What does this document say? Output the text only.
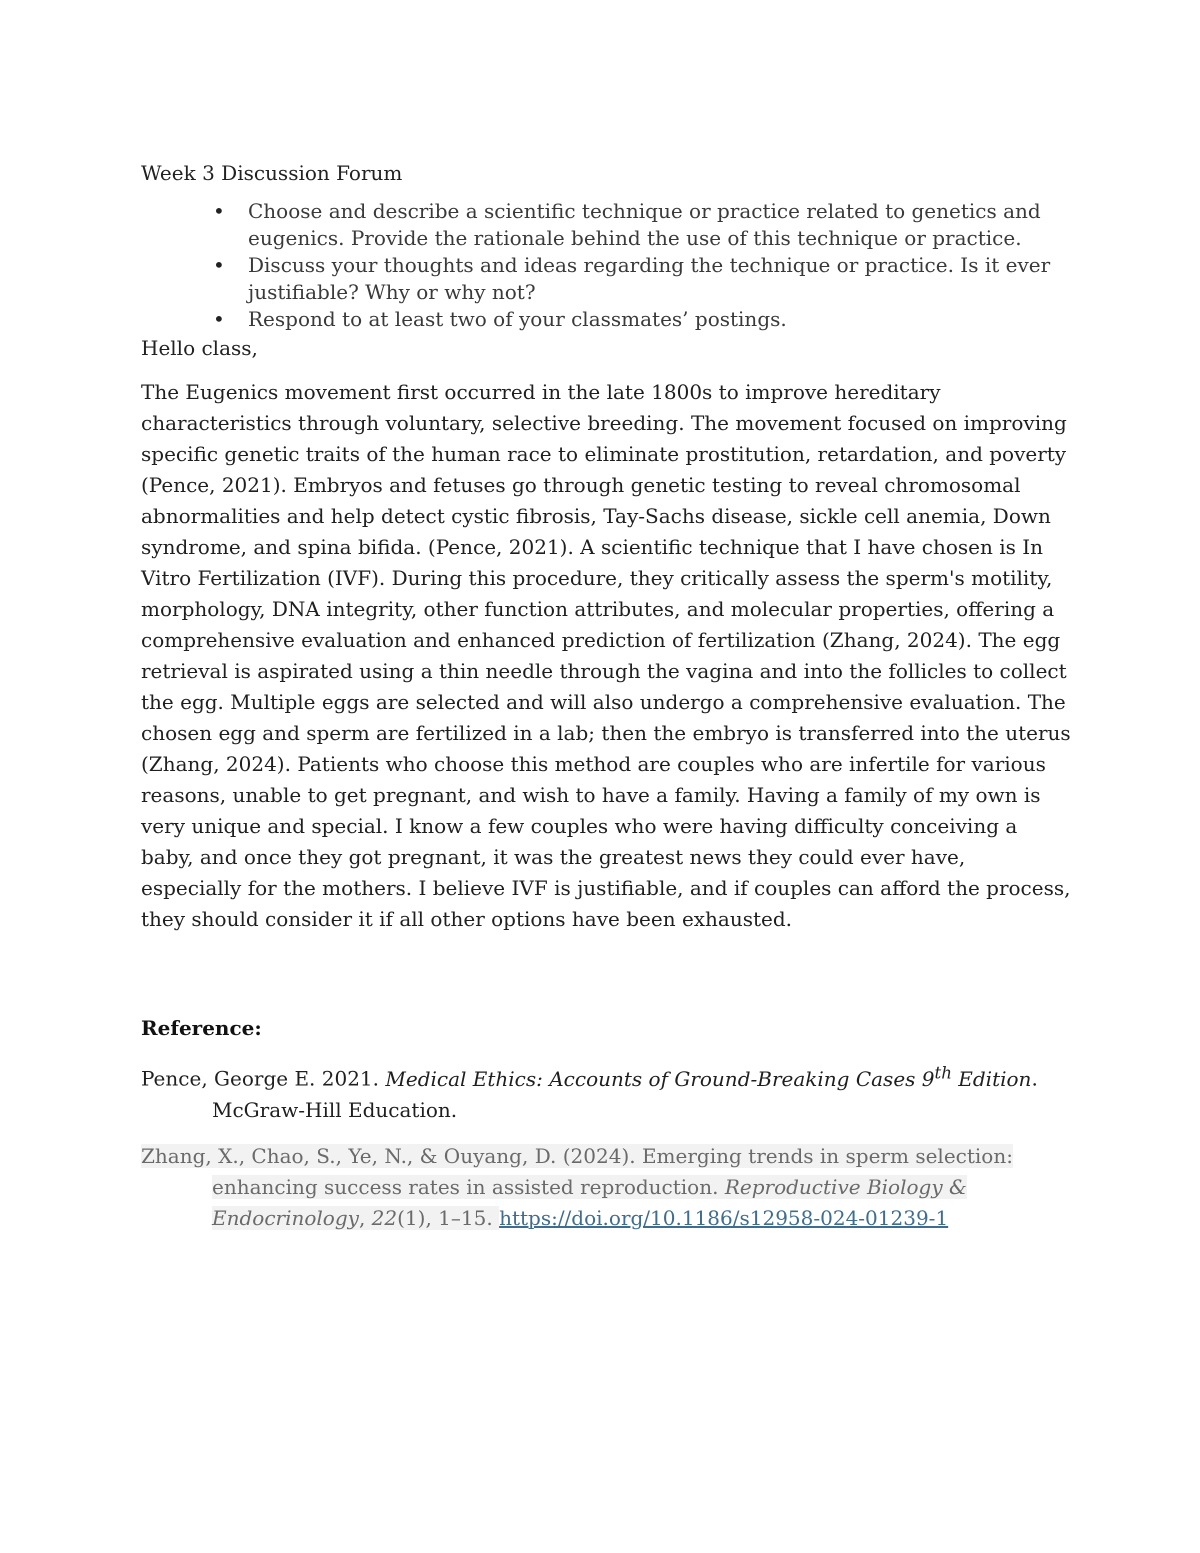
Week 3 Discussion Forum

• Choose and describe a scientific technique or practice related to genetics and eugenics. Provide the rationale behind the use of this technique or practice.
• Discuss your thoughts and ideas regarding the technique or practice. Is it ever justifiable? Why or why not?
• Respond to at least two of your classmates’ postings.

Hello class,

The Eugenics movement first occurred in the late 1800s to improve hereditary characteristics through voluntary, selective breeding. The movement focused on improving specific genetic traits of the human race to eliminate prostitution, retardation, and poverty (Pence, 2021). Embryos and fetuses go through genetic testing to reveal chromosomal abnormalities and help detect cystic fibrosis, Tay-Sachs disease, sickle cell anemia, Down syndrome, and spina bifida. (Pence, 2021). A scientific technique that I have chosen is In Vitro Fertilization (IVF). During this procedure, they critically assess the sperm's motility, morphology, DNA integrity, other function attributes, and molecular properties, offering a comprehensive evaluation and enhanced prediction of fertilization (Zhang, 2024). The egg retrieval is aspirated using a thin needle through the vagina and into the follicles to collect the egg. Multiple eggs are selected and will also undergo a comprehensive evaluation. The chosen egg and sperm are fertilized in a lab; then the embryo is transferred into the uterus (Zhang, 2024). Patients who choose this method are couples who are infertile for various reasons, unable to get pregnant, and wish to have a family. Having a family of my own is very unique and special. I know a few couples who were having difficulty conceiving a baby, and once they got pregnant, it was the greatest news they could ever have, especially for the mothers. I believe IVF is justifiable, and if couples can afford the process, they should consider it if all other options have been exhausted.

Reference:

Pence, George E. 2021. Medical Ethics: Accounts of Ground-Breaking Cases 9th Edition. McGraw-Hill Education.

Zhang, X., Chao, S., Ye, N., & Ouyang, D. (2024). Emerging trends in sperm selection: enhancing success rates in assisted reproduction. Reproductive Biology & Endocrinology, 22(1), 1–15. https://doi.org/10.1186/s12958-024-01239-1
